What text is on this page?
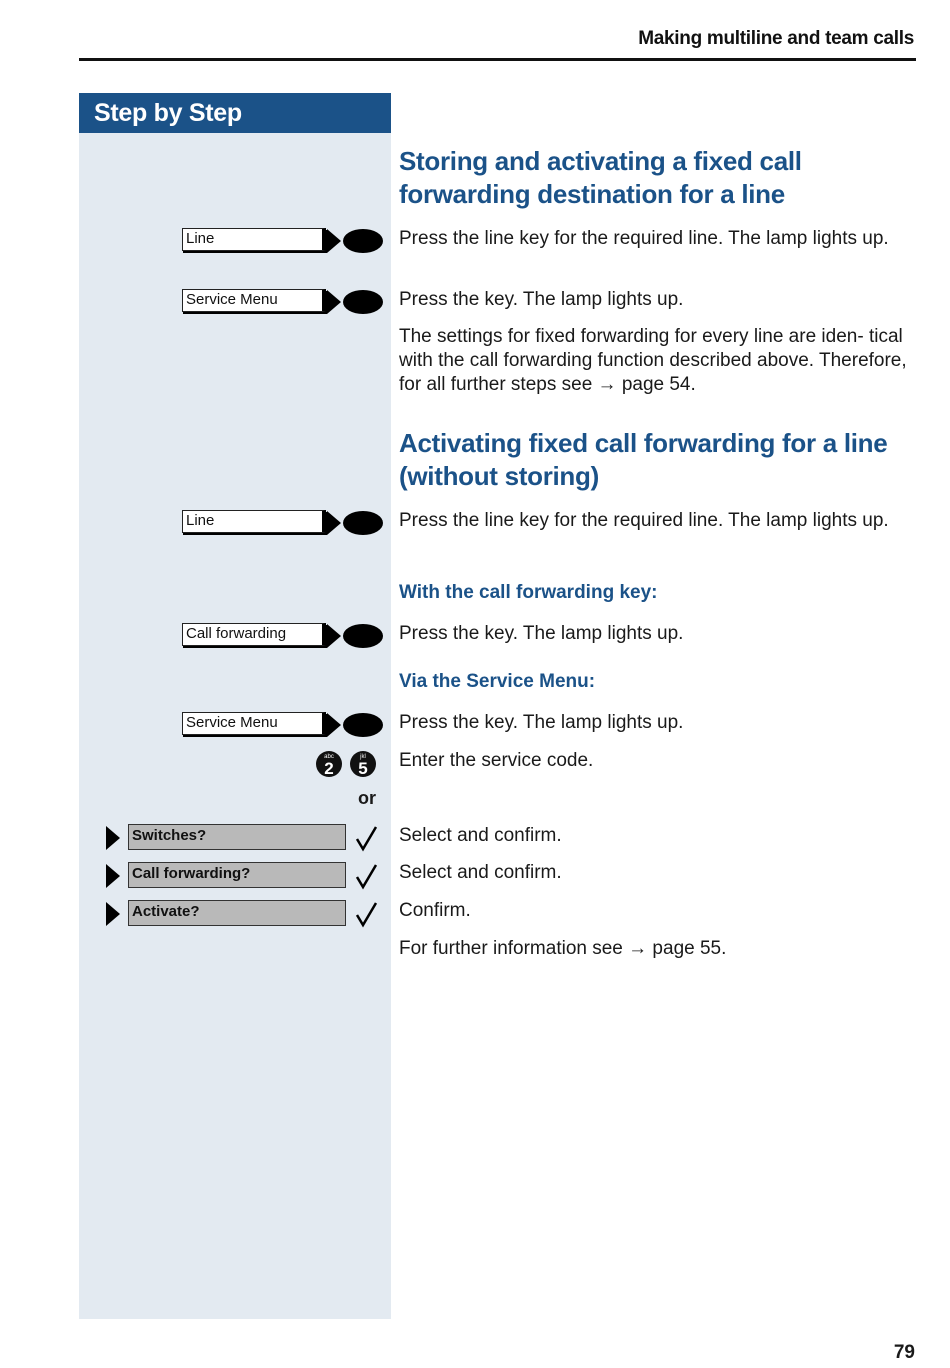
Making multiline and team calls
Step by Step
Line
Service Menu
Line
Call forwarding
Service Menu
abc
2
jkl
5
or
Switches?
Call forwarding?
Activate?
Storing and activating a fixed call forwarding destination for a line

Press the line key for the required line. The lamp lights up.

Press the key. The lamp lights up.

The settings for fixed forwarding for every line are iden- tical with the call forwarding function described above. Therefore, for all further steps see → page 54.

Activating fixed call forwarding for a line (without storing)

Press the line key for the required line. The lamp lights up.

With the call forwarding key:

Press the key. The lamp lights up.

Via the Service Menu:

Press the key. The lamp lights up.

Enter the service code.

Select and confirm.

Select and confirm.

Confirm.

For further information see → page 55.

79
